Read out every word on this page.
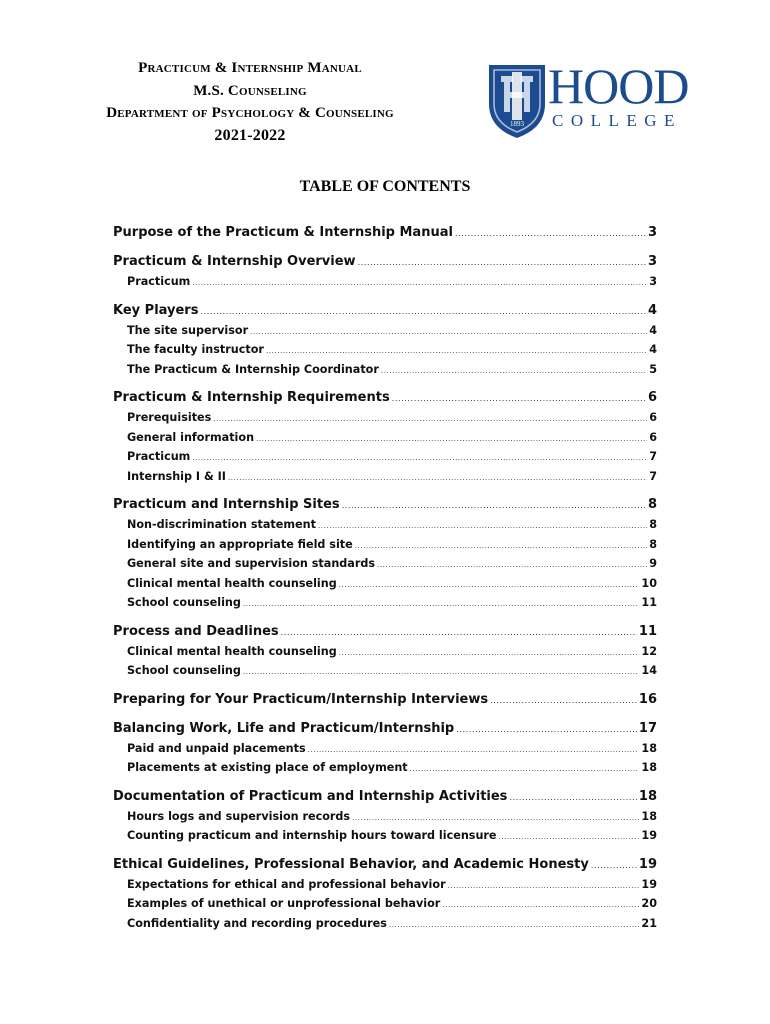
Practicum & Internship Manual
M.S. Counseling
Department of Psychology & Counseling
2021-2022
1893
HOOD
COLLEGE
TABLE OF CONTENTS
Purpose of the Practicum & Internship Manual .....	3
Practicum & Internship Overview .....	3
Practicum .....	3
Key Players .....	4
The site supervisor .....	4
The faculty instructor .....	4
The Practicum & Internship Coordinator .....	5
Practicum & Internship Requirements .....	6
Prerequisites .....	6
General information .....	6
Practicum .....	7
Internship I & II .....	7
Practicum and Internship Sites .....	8
Non-discrimination statement .....	8
Identifying an appropriate field site .....	8
General site and supervision standards .....	9
Clinical mental health counseling .....	10
School counseling .....	11
Process and Deadlines .....	11
Clinical mental health counseling .....	12
School counseling .....	14
Preparing for Your Practicum/Internship Interviews .....	16
Balancing Work, Life and Practicum/Internship .....	17
Paid and unpaid placements .....	18
Placements at existing place of employment .....	18
Documentation of Practicum and Internship Activities .....	18
Hours logs and supervision records .....	18
Counting practicum and internship hours toward licensure .....	19
Ethical Guidelines, Professional Behavior, and Academic Honesty .....	19
Expectations for ethical and professional behavior .....	19
Examples of unethical or unprofessional behavior .....	20
Confidentiality and recording procedures .....	21
